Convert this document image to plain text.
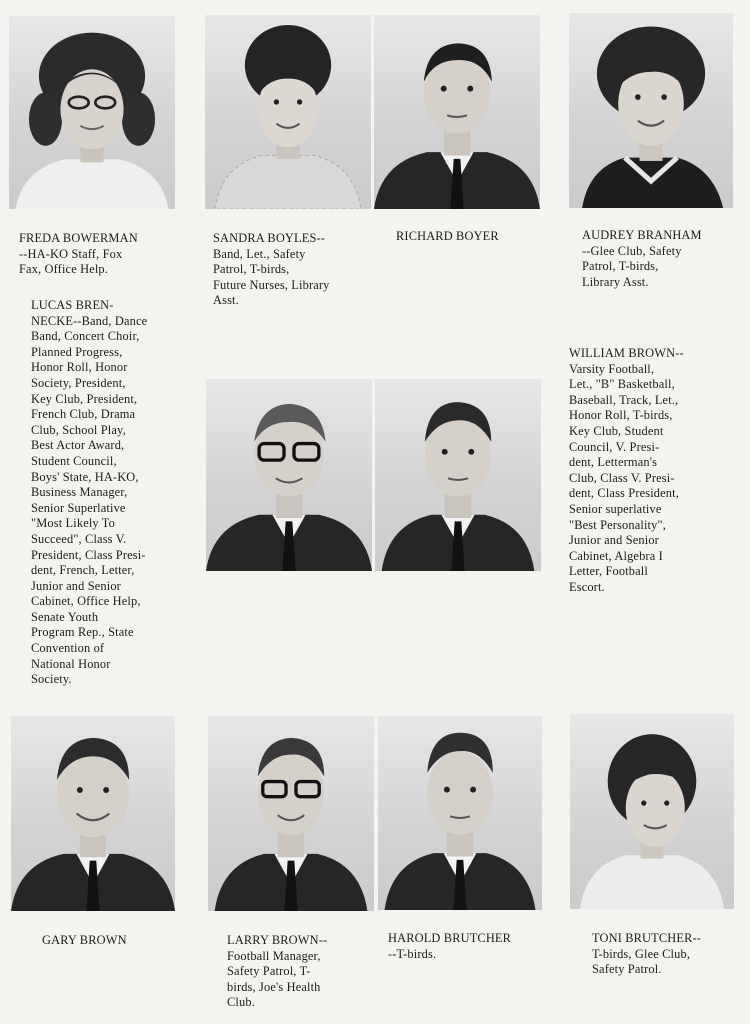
FREDA BOWERMAN
--HA-KO Staff, Fox
Fax, Office Help.

SANDRA BOYLES--
Band, Let., Safety
Patrol, T-birds,
Future Nurses, Library
Asst.

RICHARD BOYER	AUDREY BRANHAM
--Glee Club, Safety
Patrol, T-birds,
Library Asst.

LUCAS BREN-
NECKE--Band, Dance
Band, Concert Choir,
Planned Progress,
Honor Roll, Honor
Society, President,
Key Club, President,
French Club, Drama
Club, School Play,
Best Actor Award,
Student Council,
Boys' State, HA-KO,
Business Manager,
Senior Superlative
"Most Likely To
Succeed", Class V.
President, Class Presi-
dent, French, Letter,
Junior and Senior
Cabinet, Office Help,
Senate Youth
Program Rep., State
Convention of
National Honor
Society.

WILLIAM BROWN--
Varsity Football,
Let., "B" Basketball,
Baseball, Track, Let.,
Honor Roll, T-birds,
Key Club, Student
Council, V. Presi-
dent, Letterman's
Club, Class V. Presi-
dent, Class President,
Senior superlative
"Best Personality",
Junior and Senior
Cabinet, Algebra I
Letter, Football
Escort.

GARY BROWN	LARRY BROWN--
Football Manager,
Safety Patrol, T-
birds, Joe's Health
Club.

HAROLD BRUTCHER
--T-birds.

TONI BRUTCHER--
T-birds, Glee Club,
Safety Patrol.
